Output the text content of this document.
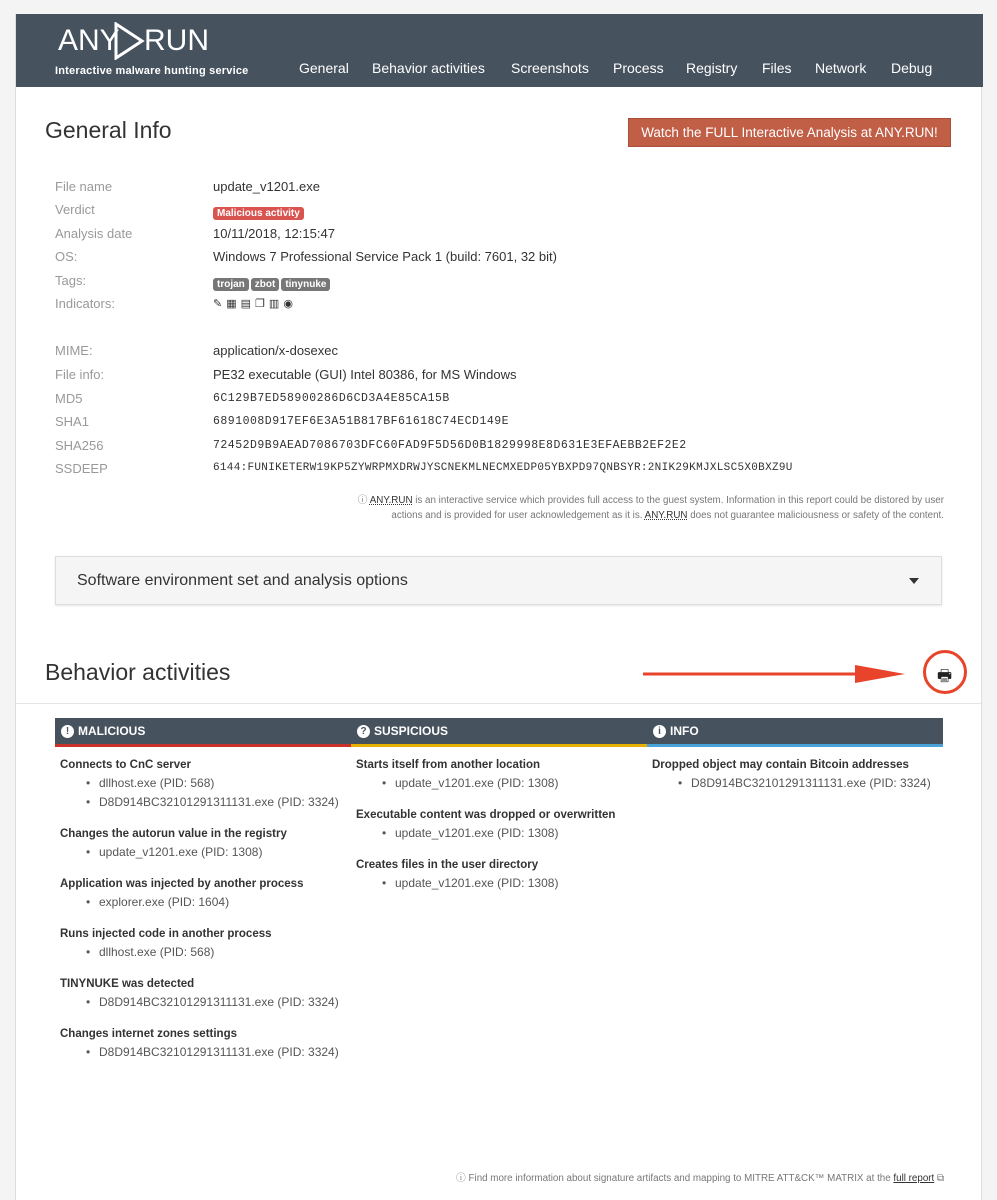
ANY RUN
Interactive malware hunting service	General Behavior activities Screenshots Process Registry Files Network Debug
General Info	Watch the FULL Interactive Analysis at ANY.RUN!
File name	update_v1201.exe
Verdict	Malicious activity
Analysis date	10/11/2018, 12:15:47
OS:	Windows 7 Professional Service Pack 1 (build: 7601, 32 bit)
Tags:	trojan zbot tinynuke
Indicators:	✎ ▦ ▤ ❐ ▥ ◉
MIME:	application/x-dosexec
File info:	PE32 executable (GUI) Intel 80386, for MS Windows
MD5	6C129B7ED58900286D6CD3A4E85CA15B
SHA1	6891008D917EF6E3A51B817BF61618C74ECD149E
SHA256	72452D9B9AEAD7086703DFC60FAD9F5D56D0B1829998E8D631E3EFAEBB2EF2E2
SSDEEP	6144:FUNIKETERW19KP5ZYWRPMXDRWJYSCNEKMLNECMXEDP05YBXPD97QNBSYR:2NIK29KMJXLSC5X0BXZ9U
ⓘ ANY.RUN is an interactive service which provides full access to the guest system. Information in this report could be distored by user
actions and is provided for user acknowledgement as it is. ANY.RUN does not guarantee maliciousness or safety of the content.
Software environment set and analysis options
Behavior activities	🖶
! MALICIOUS
Connects to CnC server
• dllhost.exe (PID: 568)
• D8D914BC32101291311131.exe (PID: 3324)
Changes the autorun value in the registry
• update_v1201.exe (PID: 1308)
Application was injected by another process
• explorer.exe (PID: 1604)
Runs injected code in another process
• dllhost.exe (PID: 568)
TINYNUKE was detected
• D8D914BC32101291311131.exe (PID: 3324)
Changes internet zones settings
• D8D914BC32101291311131.exe (PID: 3324)
? SUSPICIOUS
Starts itself from another location
• update_v1201.exe (PID: 1308)
Executable content was dropped or overwritten
• update_v1201.exe (PID: 1308)
Creates files in the user directory
• update_v1201.exe (PID: 1308)
i INFO
Dropped object may contain Bitcoin addresses
• D8D914BC32101291311131.exe (PID: 3324)
ⓘ Find more information about signature artifacts and mapping to MITRE ATT&CK™ MATRIX at the full report ⧉
